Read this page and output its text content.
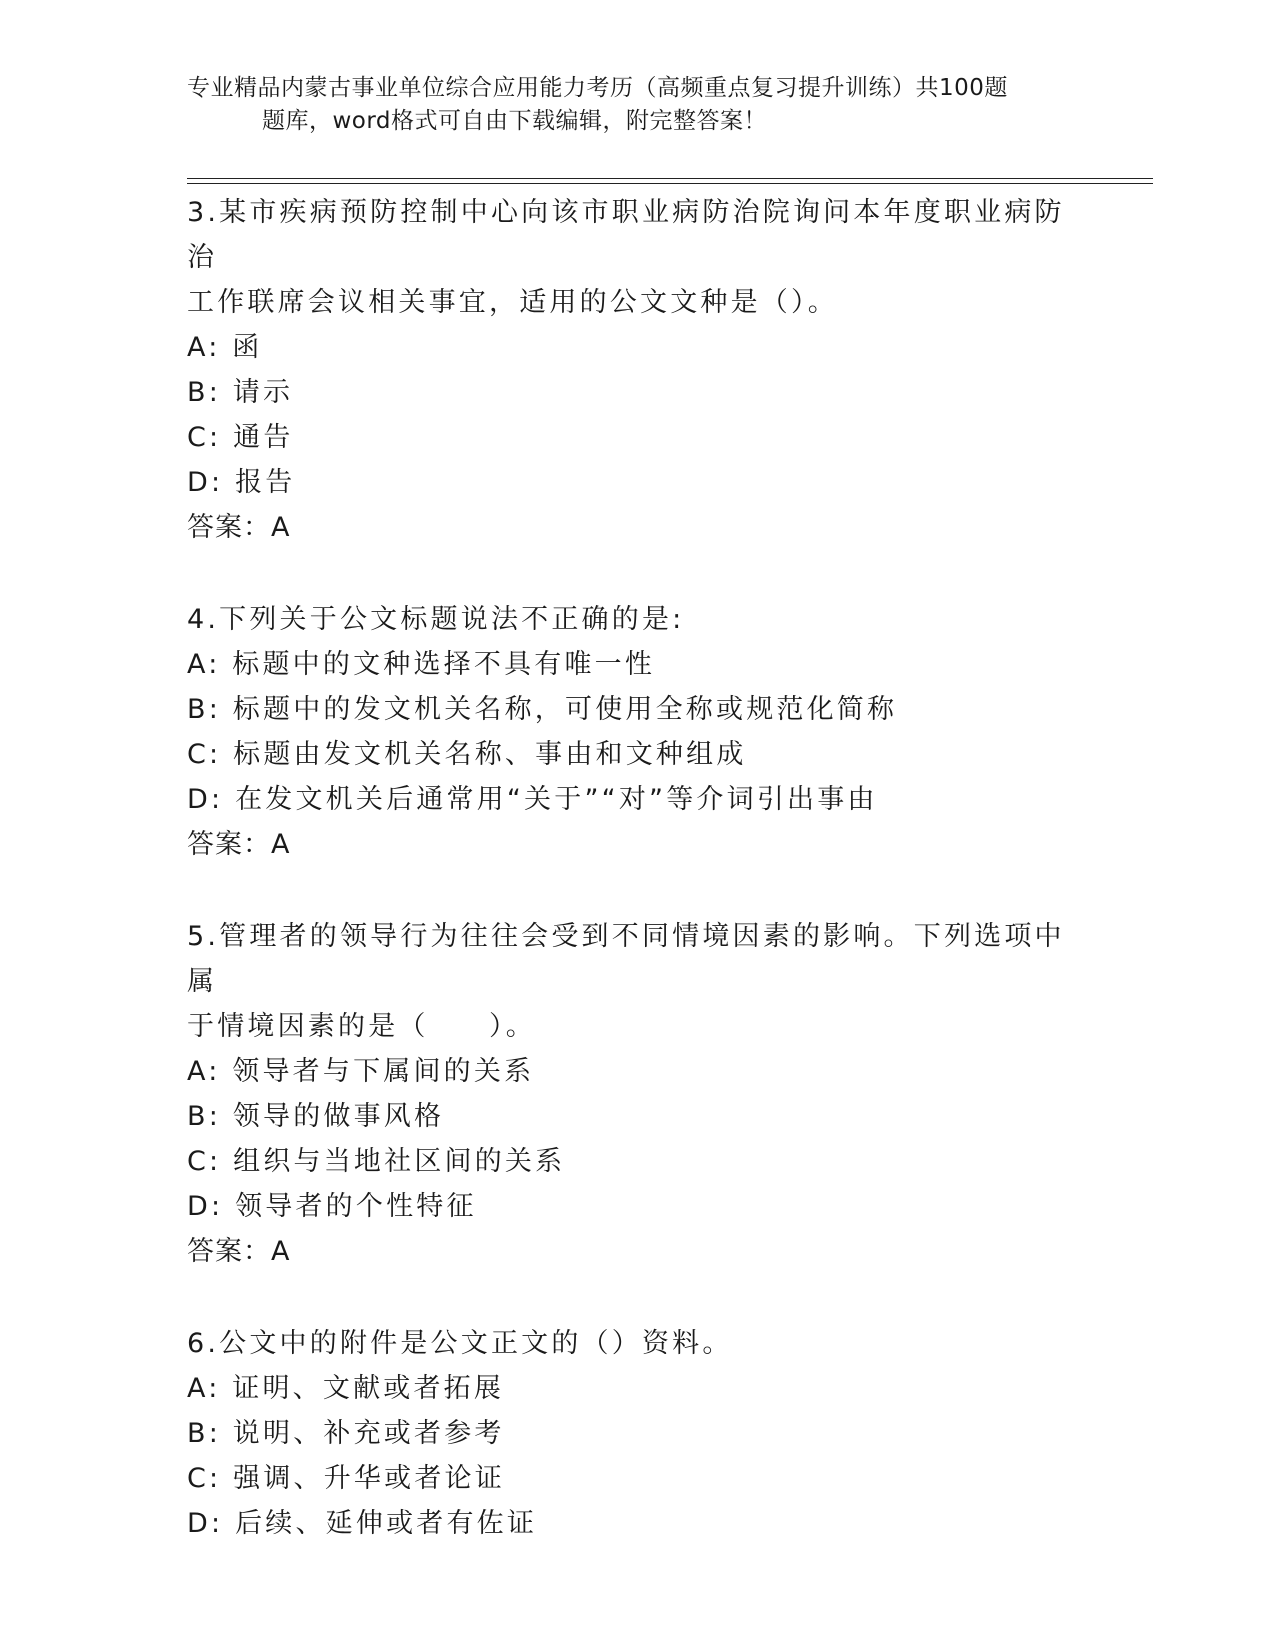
专业精品内蒙古事业单位综合应用能力考历（高频重点复习提升训练）共100题
题库，word格式可自由下载编辑，附完整答案！

3.某市疾病预防控制中心向该市职业病防治院询问本年度职业病防治

工作联席会议相关事宜，适用的公文文种是（）。

A: 函

B: 请示

C: 通告

D: 报告

答案：A

4.下列关于公文标题说法不正确的是:

A: 标题中的文种选择不具有唯一性

B: 标题中的发文机关名称，可使用全称或规范化简称

C: 标题由发文机关名称、事由和文种组成

D: 在发文机关后通常用“关于”“对”等介词引出事由

答案：A

5.管理者的领导行为往往会受到不同情境因素的影响。下列选项中属

于情境因素的是（　　）。

A: 领导者与下属间的关系

B: 领导的做事风格

C: 组织与当地社区间的关系

D: 领导者的个性特征

答案：A

6.公文中的附件是公文正文的（）资料。

A: 证明、文献或者拓展

B: 说明、补充或者参考

C: 强调、升华或者论证

D: 后续、延伸或者有佐证
